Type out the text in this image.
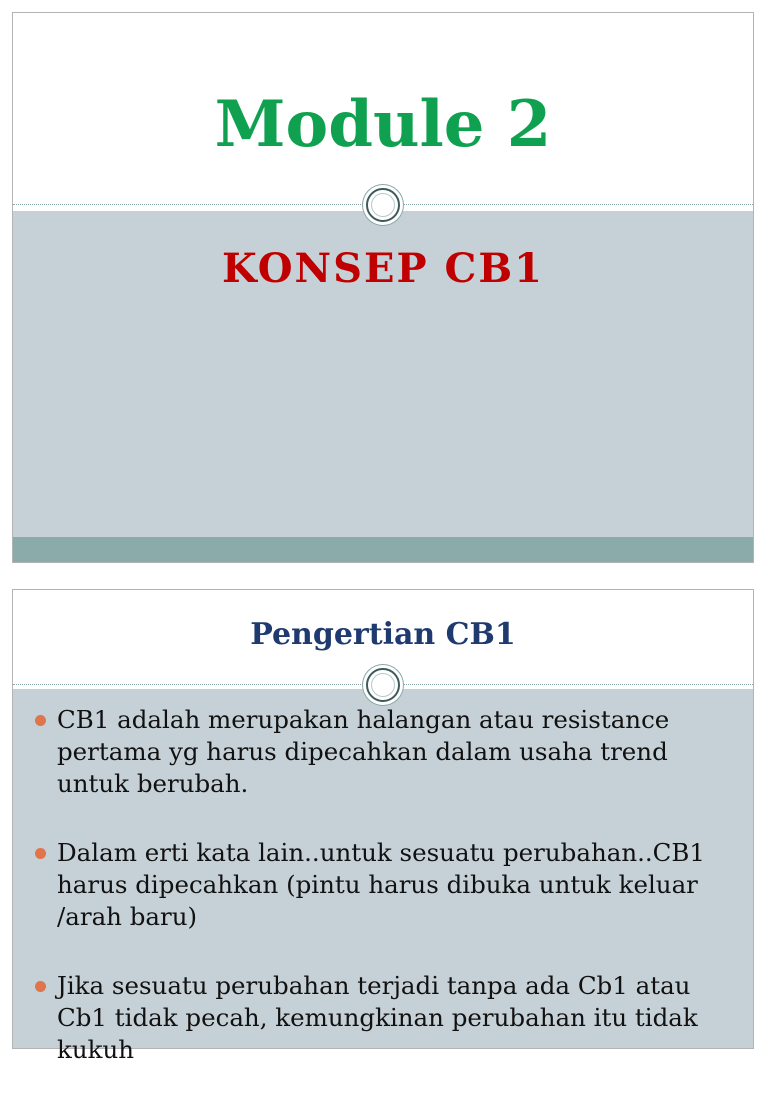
Module 2
KONSEP CB1
Pengertian CB1
CB1 adalah merupakan halangan atau resistance pertama yg harus dipecahkan dalam usaha trend untuk berubah.
Dalam erti kata lain..untuk sesuatu perubahan..CB1 harus dipecahkan (pintu harus dibuka untuk keluar /arah baru)
Jika sesuatu perubahan terjadi tanpa ada Cb1 atau Cb1 tidak pecah, kemungkinan perubahan itu tidak kukuh
